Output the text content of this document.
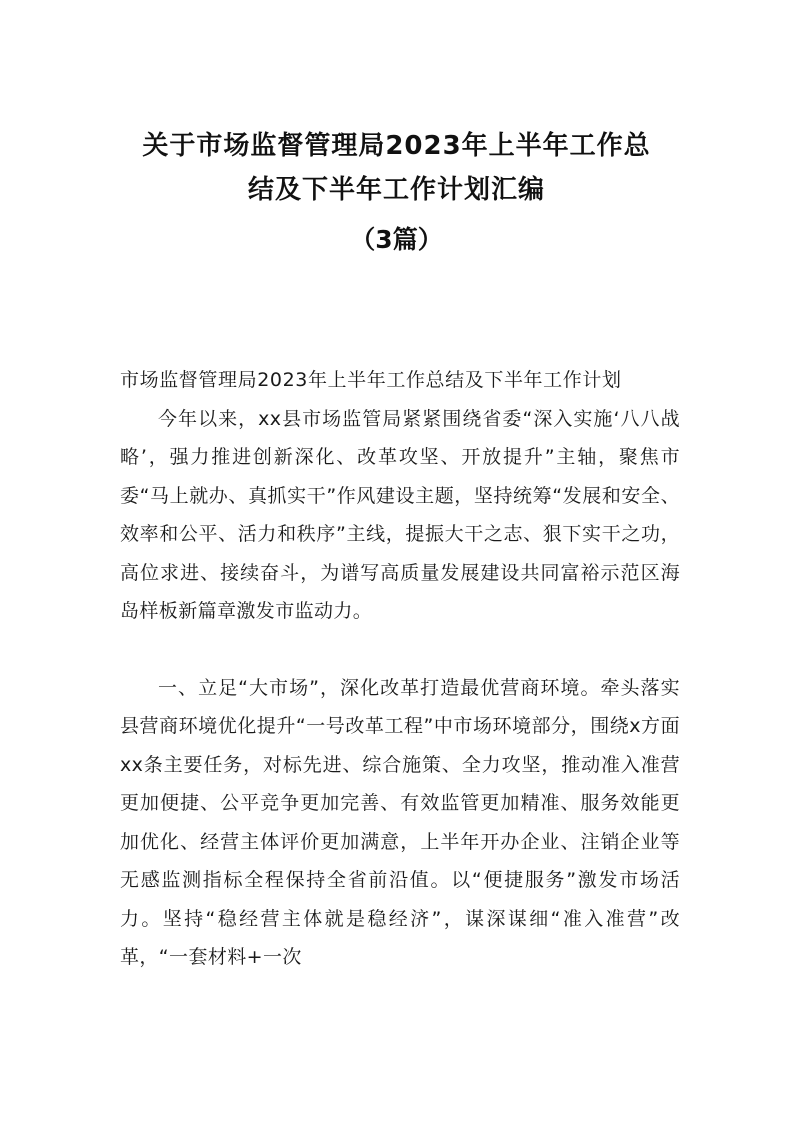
关于市场监督管理局2023年上半年工作总
结及下半年工作计划汇编
（3篇）

市场监督管理局2023年上半年工作总结及下半年工作计划

今年以来，xx县市场监管局紧紧围绕省委“深入实施‘八八战略’，强力推进创新深化、改革攻坚、开放提升”主轴，聚焦市委“马上就办、真抓实干”作风建设主题，坚持统筹“发展和安全、效率和公平、活力和秩序”主线，提振大干之志、狠下实干之功，高位求进、接续奋斗，为谱写高质量发展建设共同富裕示范区海岛样板新篇章激发市监动力。

一、立足“大市场”，深化改革打造最优营商环境。牵头落实县营商环境优化提升“一号改革工程”中市场环境部分，围绕x方面xx条主要任务，对标先进、综合施策、全力攻坚，推动准入准营更加便捷、公平竞争更加完善、有效监管更加精准、服务效能更加优化、经营主体评价更加满意，上半年开办企业、注销企业等无感监测指标全程保持全省前沿值。以“便捷服务”激发市场活力。坚持“稳经营主体就是稳经济”，谋深谋细“准入准营”改革，“一套材料+一次
